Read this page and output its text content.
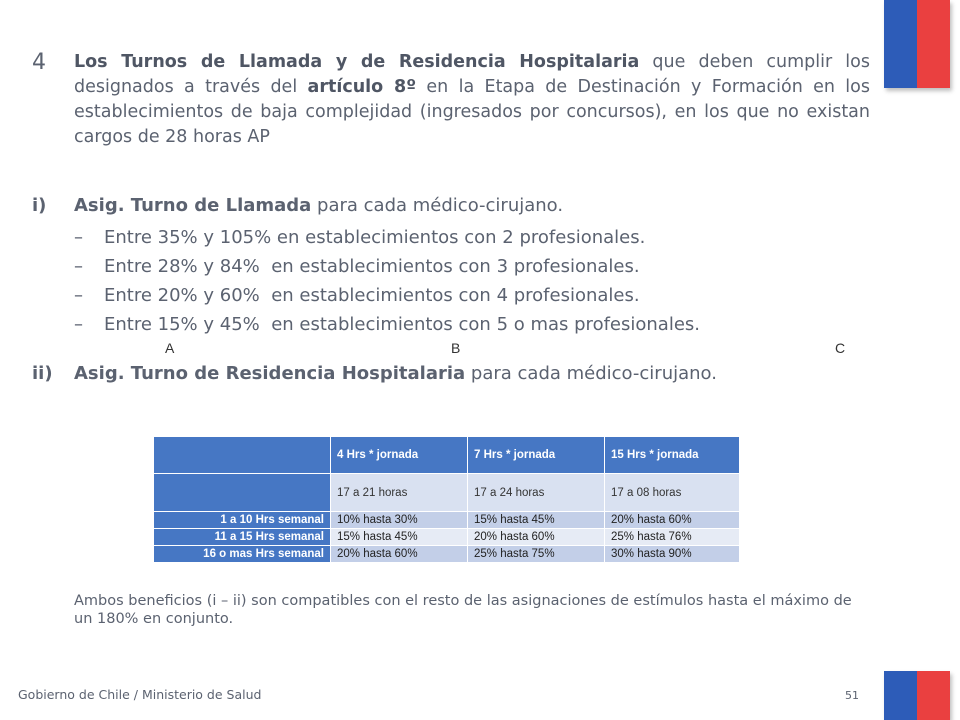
4 Los Turnos de Llamada y de Residencia Hospitalaria que deben cumplir los designados a través del artículo 8º en la Etapa de Destinación y Formación en los establecimientos de baja complejidad (ingresados por concursos), en los que no existan cargos de 28 horas AP

i)	Asig. Turno de Llamada para cada médico-cirujano.
– Entre 35% y 105% en establecimientos con 2 profesionales.
– Entre 28% y 84%  en establecimientos con 3 profesionales.
– Entre 20% y 60%  en establecimientos con 4 profesionales.
– Entre 15% y 45%  en establecimientos con 5 o mas profesionales.
A	B	C
ii)	Asig. Turno de Residencia Hospitalaria para cada médico-cirujano.
	4 Hrs * jornada	7 Hrs * jornada	15 Hrs * jornada
	17 a 21 horas	17 a 24 horas	17 a 08 horas
1 a 10 Hrs semanal	10% hasta 30%	15% hasta 45%	20% hasta 60%
11 a 15 Hrs semanal	15% hasta 45%	20% hasta 60%	25% hasta 76%
16 o mas Hrs semanal	20% hasta 60%	25% hasta 75%	30% hasta 90%

Ambos beneficios (i – ii) son compatibles con el resto de las asignaciones de estímulos hasta el máximo de un 180% en conjunto.

Gobierno de Chile / Ministerio de Salud	51
